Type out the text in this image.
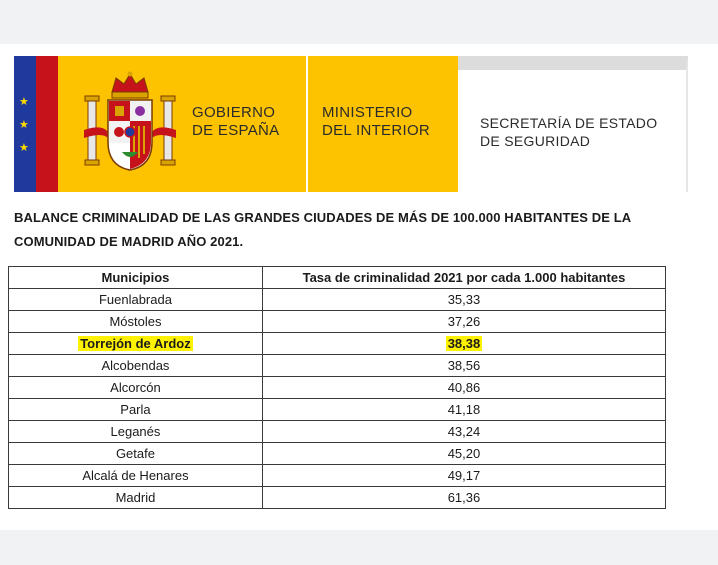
★
★
★
GOBIERNO
DE ESPAÑA
MINISTERIO
DEL INTERIOR	SECRETARÍA DE ESTADO
DE SEGURIDAD
BALANCE CRIMINALIDAD DE LAS GRANDES CIUDADES DE MÁS DE 100.000 HABITANTES DE LA COMUNIDAD DE MADRID AÑO 2021.
Municipios	Tasa de criminalidad 2021 por cada 1.000 habitantes
Fuenlabrada	35,33
Móstoles	37,26
Torrejón de Ardoz	38,38
Alcobendas	38,56
Alcorcón	40,86
Parla	41,18
Leganés	43,24
Getafe	45,20
Alcalá de Henares	49,17
Madrid	61,36
